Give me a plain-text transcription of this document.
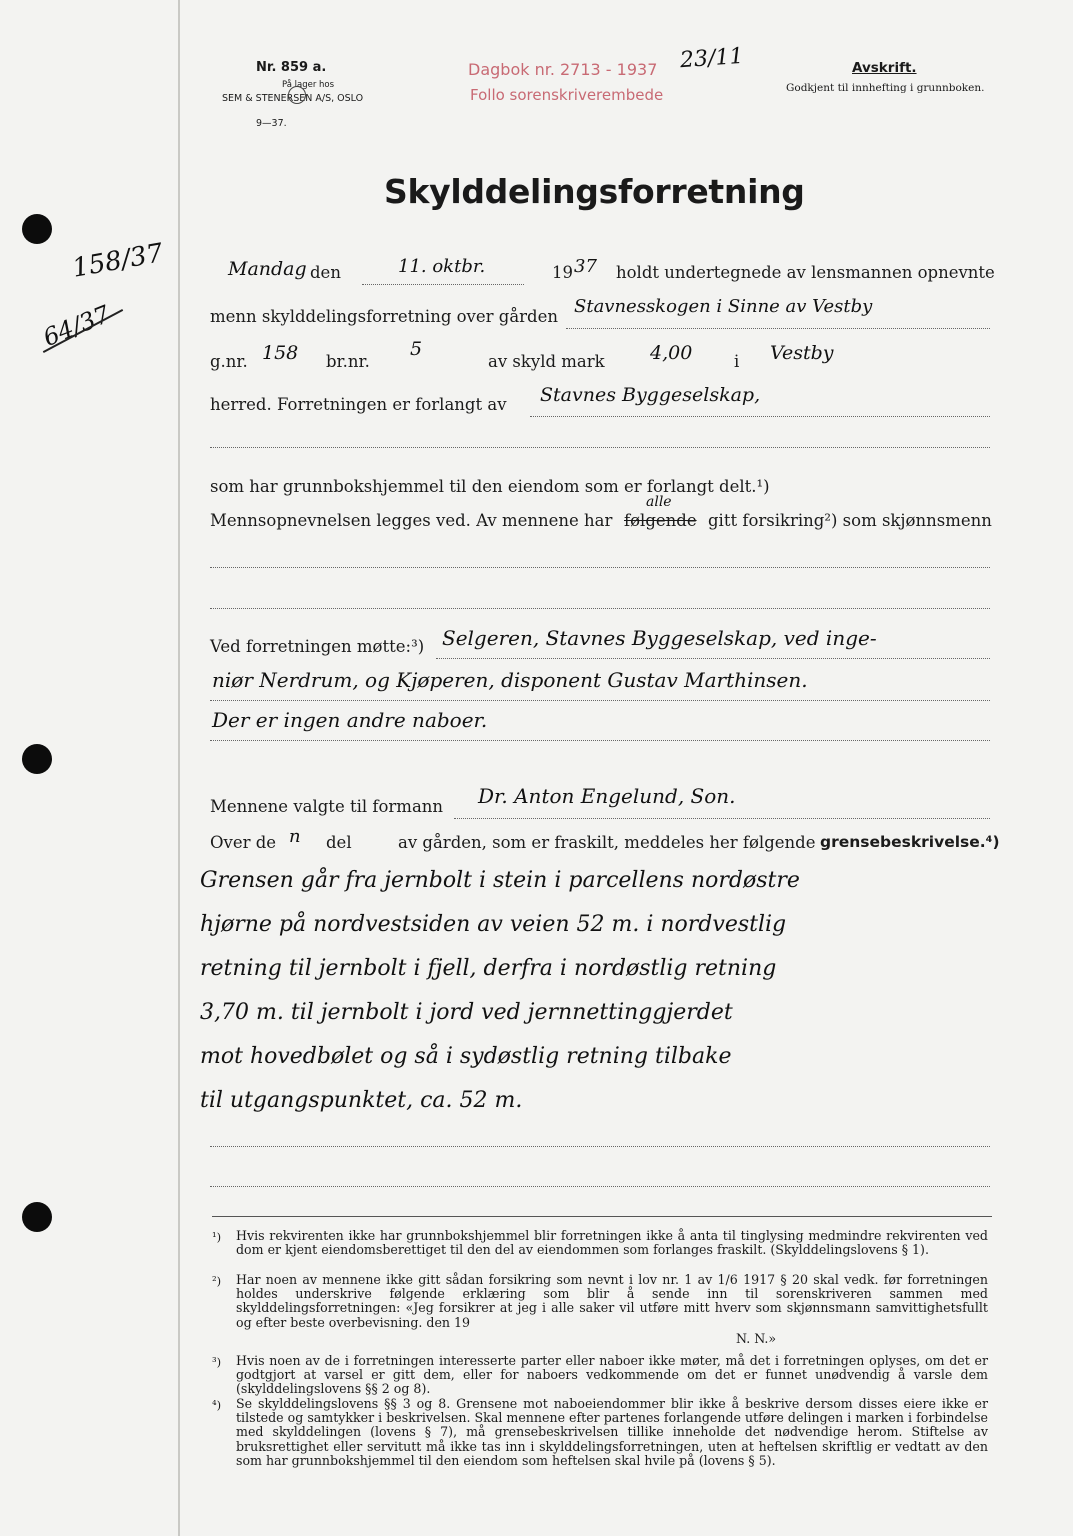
158/37
64/37
Nr. 859 a.
På lager hos
SEM & STENERSEN A/S, OSLO
9—37.
Dagbok nr. 2713 - 1937 23/11
Follo sorenskriverembede
Avskrift.
Godkjent til innhefting i grunnboken.
Skylddelingsforretning
Mandag den	11. oktbr.	19 37 holdt undertegnede av lensmannen opnevnte
menn skylddelingsforretning over gården Stavnesskogen i Sinne av Vestby
g.nr. 158 br.nr.
5
av skyld mark 4,00	i Vestby
herred. Forretningen er forlangt av Stavnes Byggeselskap,
som har grunnbokshjemmel til den eiendom som er forlangt delt.¹)
Mennsopnevnelsen legges ved. Av mennene har følgende
alle
gitt forsikring²) som skjønnsmenn
Ved forretningen møtte:³) Selgeren, Stavnes Byggeselskap, ved inge-
niør Nerdrum, og Kjøperen, disponent Gustav Marthinsen.
Der er ingen andre naboer.
Mennene valgte til formann Dr. Anton Engelund, Son.
Over de n del	av gården, som er fraskilt, meddeles her følgende grensebeskrivelse.⁴)
Grensen går fra jernbolt i stein i parcellens nordøstre
hjørne på nordvestsiden av veien 52 m. i nordvestlig
retning til jernbolt i fjell, derfra i nordøstlig retning
3,70 m. til jernbolt i jord ved jernnettinggjerdet
mot hovedbølet og så i sydøstlig retning tilbake
til utgangspunktet, ca. 52 m.
¹) Hvis rekvirenten ikke har grunnbokshjemmel blir forretningen ikke å anta til tinglysing medmindre rekvirenten ved dom er kjent eiendomsberettiget til den del av eiendommen som forlanges fraskilt. (Skylddelingslovens § 1).
²) Har noen av mennene ikke gitt sådan forsikring som nevnt i lov nr. 1 av 1/6 1917 § 20 skal vedk. før forretningen holdes underskrive følgende erklæring som blir å sende inn til sorenskriveren sammen med skylddelingsforretningen: «Jeg forsikrer at jeg i alle saker vil utføre mitt hverv som skjønnsmann samvittighetsfullt og efter beste overbevisning. den 19
N. N.»
³) Hvis noen av de i forretningen interesserte parter eller naboer ikke møter, må det i forretningen oplyses, om det er godtgjort at varsel er gitt dem, eller for naboers vedkommende om det er funnet unødvendig å varsle dem (skylddelingslovens §§ 2 og 8).
⁴) Se skylddelingslovens §§ 3 og 8. Grensene mot naboeiendommer blir ikke å beskrive dersom disses eiere ikke er tilstede og samtykker i beskrivelsen. Skal mennene efter partenes forlangende utføre delingen i marken i forbindelse med skylddelingen (lovens § 7), må grensebeskrivelsen tillike inneholde det nødvendige herom. Stiftelse av bruksrettighet eller servitutt må ikke tas inn i skylddelingsforretningen, uten at heftelsen skriftlig er vedtatt av den som har grunnbokshjemmel til den eiendom som heftelsen skal hvile på (lovens § 5).
